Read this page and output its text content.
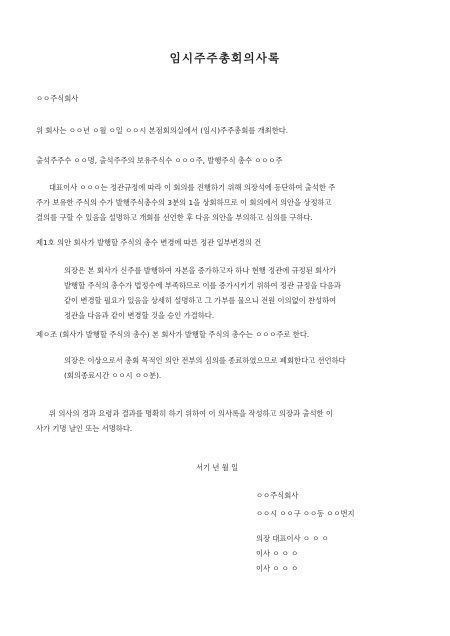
임시주주총회의사록
ㅇㅇ주식회사
위 회사는 ㅇㅇ년 ㅇ월 ㅇ일 ㅇㅇ시 본점회의실에서 (임시)주주총회를 개최한다.
출석주주수 ㅇㅇ명, 출석주주의 보유주식수 ㅇㅇㅇ주, 발행주식 총수 ㅇㅇㅇ주
대표이사 ㅇㅇㅇ는 정관규정에 따라 이 회의를 진행하기 위해 의장석에 등단하여 출석한 주
주가 보유한 주식의 수가 발행주식총수의 3분의 1을 상회하므로 이 회의에서 의안을 상정하고
결의를 구할 수 있음을 설명하고 개회를 선언한 후 다음 의안을 부의하고 심의를 구하다.
제1호 의안 회사가 발행할 주식의 총수 변경에 따른 정관 일부변경의 건
의장은 본 회사가 신주를 발행하여 자본을 증가하고자 하나 현행 정관에 규정된 회사가
발행할 주식의 총수가 법정수에 부족하므로 이를 증가시키기 위하여 정관 규정을 다음과
같이 변경할 필요가 있음을 상세히 설명하고 그 가부를 물으니 전원 이의없이 찬성하여
정관을 다음과 같이 변경할 것을 승인 가결하다.
제ㅇ조 (회사가 발행할 주식의 총수) 본 회사가 발행할 주식의 총수는 ㅇㅇㅇ주로 한다.
의장은 이상으로서 총회 목적인 의안 전부의 심의를 종료하였으므로 폐회한다고 선언하다
(회의종료시간 ㅇㅇ시 ㅇㅇ분).
위 의사의 경과 요령과 결과를 명확히 하기 위하여 이 의사록을 작성하고 의장과 출석한 이
사가 기명 날인 또는 서명하다.
서기 년 월 일
ㅇㅇ주식회사
ㅇㅇ시 ㅇㅇ구 ㅇㅇ동 ㅇㅇ번지
의장 대표이사 ㅇ ㅇ ㅇ
이사 ㅇ ㅇ ㅇ
이사 ㅇ ㅇ ㅇ
